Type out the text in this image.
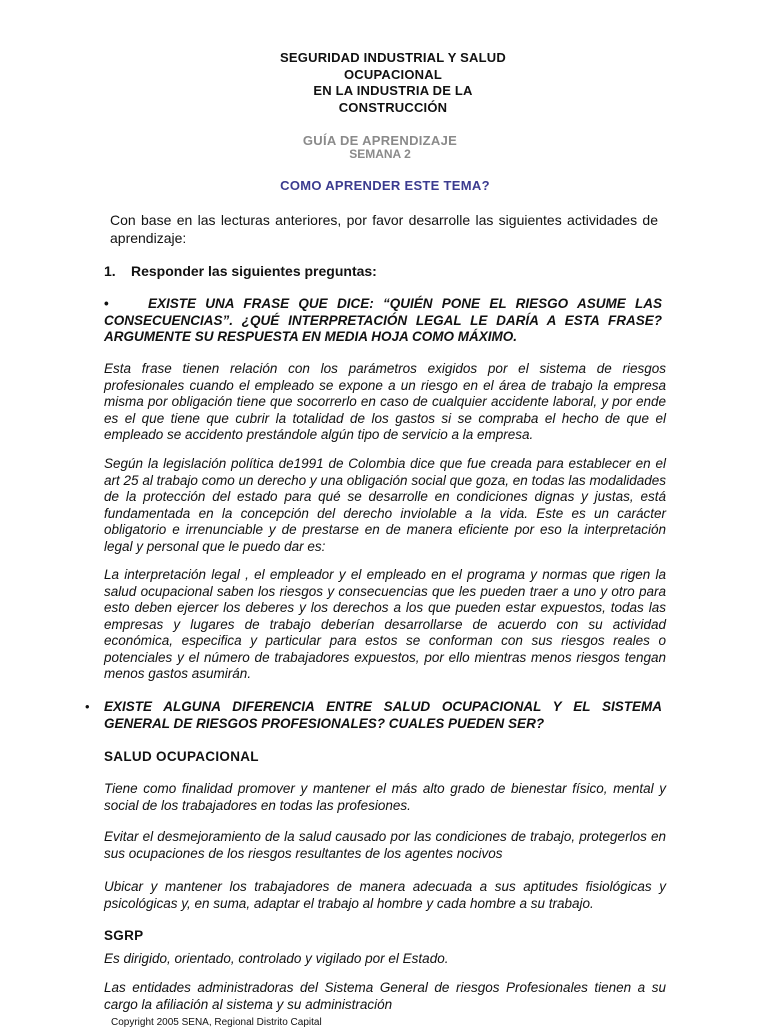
SEGURIDAD INDUSTRIAL Y SALUD
OCUPACIONAL
EN LA INDUSTRIA DE LA
CONSTRUCCIÓN
GUÍA DE APRENDIZAJE
SEMANA 2
COMO APRENDER ESTE TEMA?
Con base en las lecturas anteriores, por favor desarrolle las siguientes actividades de aprendizaje:
1. Responder las siguientes preguntas:
•	EXISTE UNA FRASE QUE DICE: “QUIÉN PONE EL RIESGO ASUME LAS CONSECUENCIAS”. ¿QUÉ INTERPRETACIÓN LEGAL LE DARÍA A ESTA FRASE? ARGUMENTE SU RESPUESTA EN MEDIA HOJA COMO MÁXIMO.
Esta frase tienen relación con los parámetros exigidos por el sistema de riesgos profesionales cuando el empleado se expone a un riesgo en el área de trabajo la empresa misma por obligación tiene que socorrerlo en caso de cualquier accidente laboral, y por ende es el que tiene que cubrir la totalidad de los gastos si se compraba el hecho de que el empleado se accidento prestándole algún tipo de servicio a la empresa.
Según la legislación política de1991 de Colombia dice que fue creada para establecer en el art 25 al trabajo como un derecho y una obligación social que goza, en todas las modalidades de la protección del estado para qué se desarrolle en condiciones dignas y justas, está fundamentada en la concepción del derecho inviolable a la vida. Este es un carácter obligatorio e irrenunciable y de prestarse en de manera eficiente por eso la interpretación legal y personal que le puedo dar es:
La interpretación legal , el empleador y el empleado en el programa y normas que rigen la salud ocupacional saben los riesgos y consecuencias que les pueden traer a uno y otro para esto deben ejercer los deberes y los derechos a los que pueden estar expuestos, todas las empresas y lugares de trabajo deberían desarrollarse de acuerdo con su actividad económica, especifica y particular para estos se conforman con sus riesgos reales o potenciales y el número de trabajadores expuestos, por ello mientras menos riesgos tengan menos gastos asumirán.
• EXISTE ALGUNA DIFERENCIA ENTRE SALUD OCUPACIONAL Y EL SISTEMA GENERAL DE RIESGOS PROFESIONALES? CUALES PUEDEN SER?
SALUD OCUPACIONAL
Tiene como finalidad promover y mantener el más alto grado de bienestar físico, mental y social de los trabajadores en todas las profesiones.
Evitar el desmejoramiento de la salud causado por las condiciones de trabajo, protegerlos en sus ocupaciones de los riesgos resultantes de los agentes nocivos
Ubicar y mantener los trabajadores de manera adecuada a sus aptitudes fisiológicas y psicológicas y, en suma, adaptar el trabajo al hombre y cada hombre a su trabajo.
SGRP
Es dirigido, orientado, controlado y vigilado por el Estado.
Las entidades administradoras del Sistema General de riesgos Profesionales tienen a su cargo la afiliación al sistema y su administración
Copyright 2005 SENA, Regional Distrito Capital
